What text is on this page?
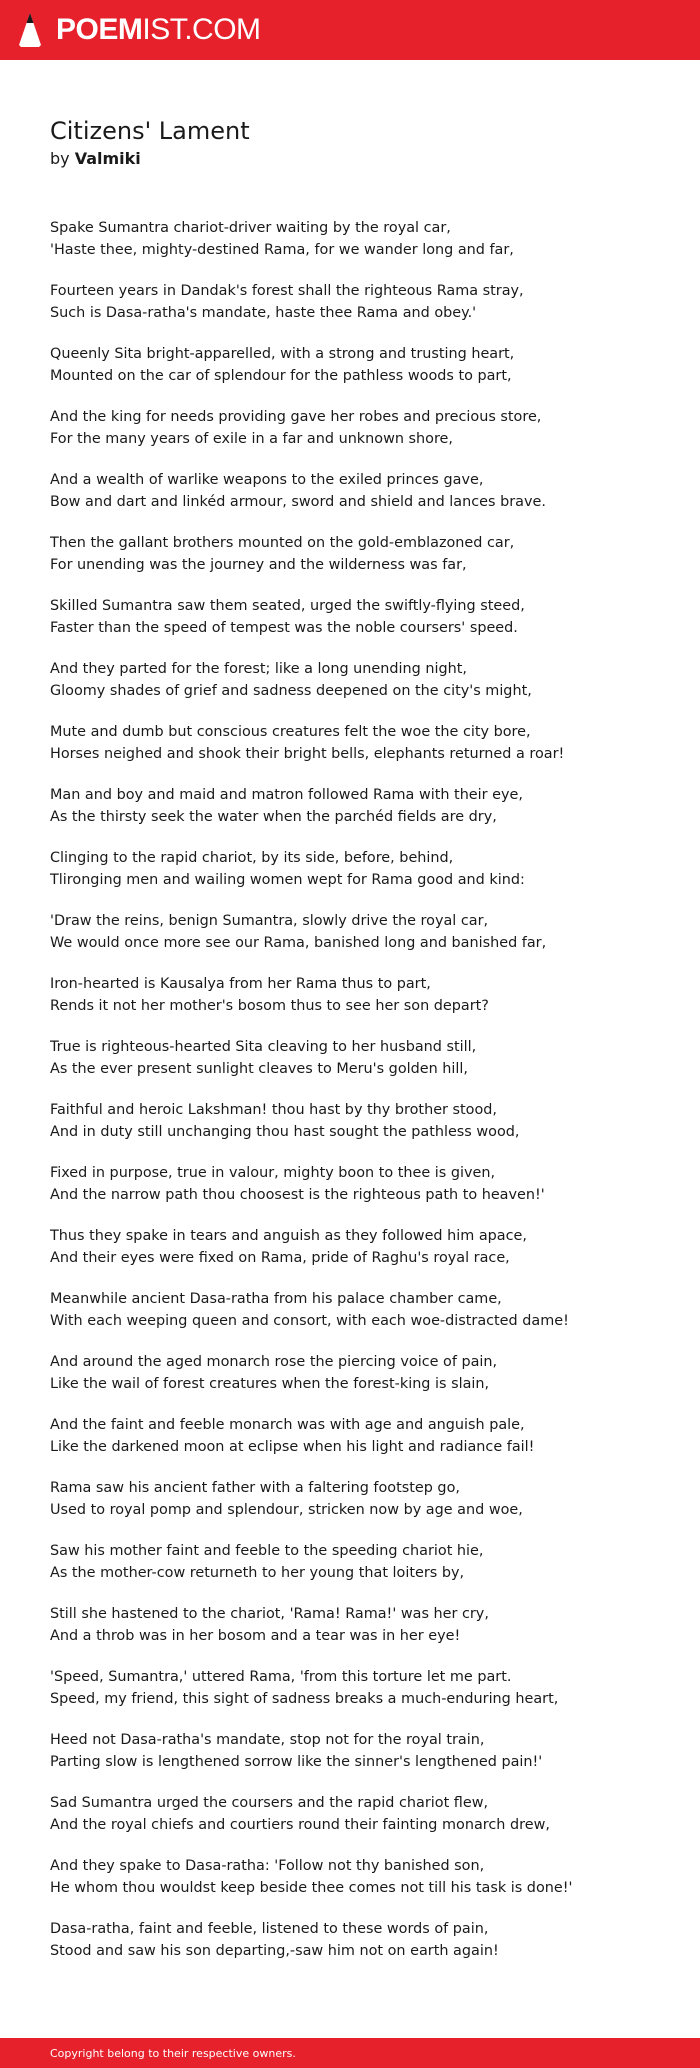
POEMIST.COM
Citizens' Lament
by Valmiki

Spake Sumantra chariot-driver waiting by the royal car,
'Haste thee, mighty-destined Rama, for we wander long and far,

Fourteen years in Dandak's forest shall the righteous Rama stray,
Such is Dasa-ratha's mandate, haste thee Rama and obey.'

Queenly Sita bright-apparelled, with a strong and trusting heart,
Mounted on the car of splendour for the pathless woods to part,

And the king for needs providing gave her robes and precious store,
For the many years of exile in a far and unknown shore,

And a wealth of warlike weapons to the exiled princes gave,
Bow and dart and linkéd armour, sword and shield and lances brave.

Then the gallant brothers mounted on the gold-emblazoned car,
For unending was the journey and the wilderness was far,

Skilled Sumantra saw them seated, urged the swiftly-flying steed,
Faster than the speed of tempest was the noble coursers' speed.

And they parted for the forest; like a long unending night,
Gloomy shades of grief and sadness deepened on the city's might,

Mute and dumb but conscious creatures felt the woe the city bore,
Horses neighed and shook their bright bells, elephants returned a roar!

Man and boy and maid and matron followed Rama with their eye,
As the thirsty seek the water when the parchéd fields are dry,

Clinging to the rapid chariot, by its side, before, behind,
Tlironging men and wailing women wept for Rama good and kind:

'Draw the reins, benign Sumantra, slowly drive the royal car,
We would once more see our Rama, banished long and banished far,

Iron-hearted is Kausalya from her Rama thus to part,
Rends it not her mother's bosom thus to see her son depart?

True is righteous-hearted Sita cleaving to her husband still,
As the ever present sunlight cleaves to Meru's golden hill,

Faithful and heroic Lakshman! thou hast by thy brother stood,
And in duty still unchanging thou hast sought the pathless wood,

Fixed in purpose, true in valour, mighty boon to thee is given,
And the narrow path thou choosest is the righteous path to heaven!'

Thus they spake in tears and anguish as they followed him apace,
And their eyes were fixed on Rama, pride of Raghu's royal race,

Meanwhile ancient Dasa-ratha from his palace chamber came,
With each weeping queen and consort, with each woe-distracted dame!

And around the aged monarch rose the piercing voice of pain,
Like the wail of forest creatures when the forest-king is slain,

And the faint and feeble monarch was with age and anguish pale,
Like the darkened moon at eclipse when his light and radiance fail!

Rama saw his ancient father with a faltering footstep go,
Used to royal pomp and splendour, stricken now by age and woe,

Saw his mother faint and feeble to the speeding chariot hie,
As the mother-cow returneth to her young that loiters by,

Still she hastened to the chariot, 'Rama! Rama!' was her cry,
And a throb was in her bosom and a tear was in her eye!

'Speed, Sumantra,' uttered Rama, 'from this torture let me part.
Speed, my friend, this sight of sadness breaks a much-enduring heart,

Heed not Dasa-ratha's mandate, stop not for the royal train,
Parting slow is lengthened sorrow like the sinner's lengthened pain!'

Sad Sumantra urged the coursers and the rapid chariot flew,
And the royal chiefs and courtiers round their fainting monarch drew,

And they spake to Dasa-ratha: 'Follow not thy banished son,
He whom thou wouldst keep beside thee comes not till his task is done!'

Dasa-ratha, faint and feeble, listened to these words of pain,
Stood and saw his son departing,-saw him not on earth again!

Copyright belong to their respective owners.
